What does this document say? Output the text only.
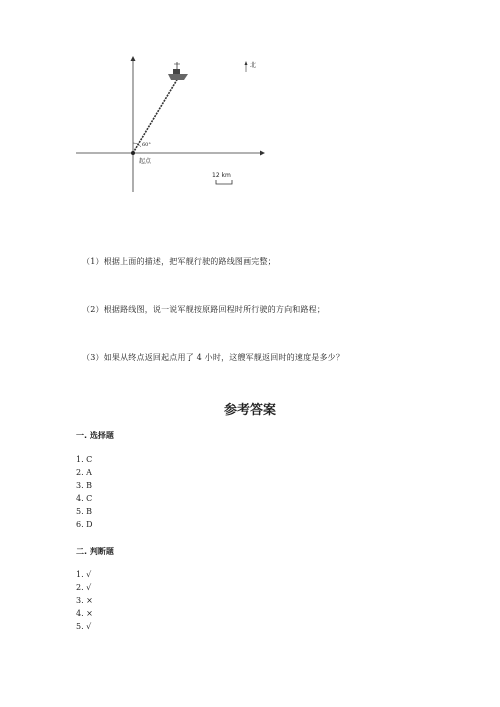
北
起点
60°
12 km
（1）根据上面的描述，把军舰行驶的路线图画完整；
（2）根据路线图，说一说军舰按原路回程时所行驶的方向和路程；
（3）如果从终点返回起点用了 4 小时，这艘军舰返回时的速度是多少？
参考答案
一. 选择题
1. C
2. A
3. B
4. C
5. B
6. D
二. 判断题
1. √
2. √
3. ×
4. ×
5. √
